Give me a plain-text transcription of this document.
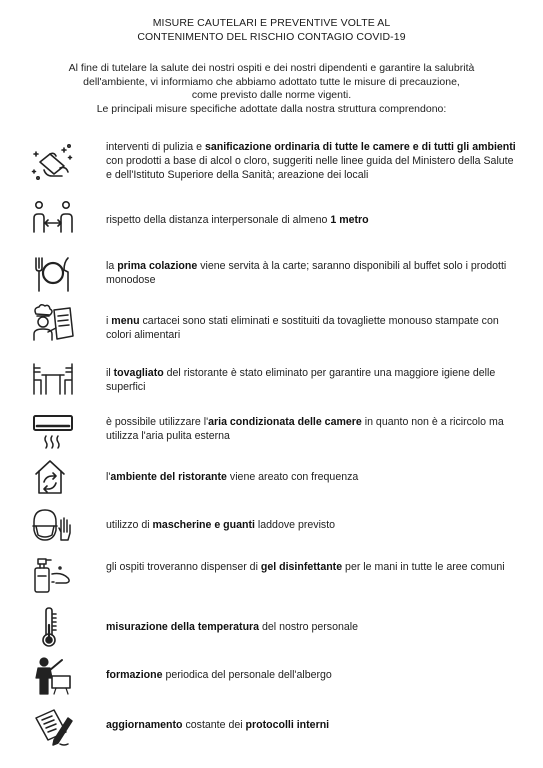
MISURE CAUTELARI E PREVENTIVE VOLTE AL
CONTENIMENTO DEL RISCHIO CONTAGIO COVID-19
Al fine di tutelare la salute dei nostri ospiti e dei nostri dipendenti e garantire la salubrità
dell'ambiente, vi informiamo che abbiamo adottato tutte le misure di precauzione,
come previsto dalle norme vigenti.
Le principali misure specifiche adottate dalla nostra struttura comprendono:
interventi di pulizia e sanificazione ordinaria di tutte le camere e di tutti gli ambienti con prodotti a base di alcol o cloro, suggeriti nelle linee guida del Ministero della Salute e dell'Istituto Superiore della Sanità; areazione dei locali
rispetto della distanza interpersonale di almeno 1 metro
la prima colazione viene servita à la carte; saranno disponibili al buffet solo i prodotti monodose
i menu cartacei sono stati eliminati e sostituiti da tovagliette monouso stampate con colori alimentari
il tovagliato del ristorante è stato eliminato per garantire una maggiore igiene delle superfici
è possibile utilizzare l'aria condizionata delle camere in quanto non è a ricircolo ma utilizza l'aria pulita esterna
l'ambiente del ristorante viene areato con frequenza
utilizzo di mascherine e guanti laddove previsto
gli ospiti troveranno dispenser di gel disinfettante per le mani in tutte le aree comuni
misurazione della temperatura del nostro personale
formazione periodica del personale dell'albergo
aggiornamento costante dei protocolli interni
